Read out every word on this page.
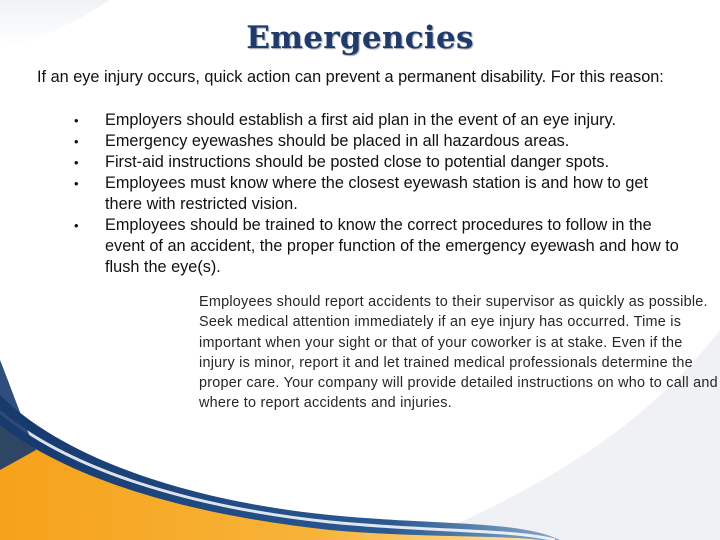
Emergencies

If an eye injury occurs, quick action can prevent a permanent disability. For this reason:

• Employers should establish a first aid plan in the event of an eye injury.
• Emergency eyewashes should be placed in all hazardous areas.
• First-aid instructions should be posted close to potential danger spots.
• Employees must know where the closest eyewash station is and how to get there with restricted vision.
• Employees should be trained to know the correct procedures to follow in the event of an accident, the proper function of the emergency eyewash and how to flush the eye(s).

Employees should report accidents to their supervisor as quickly as possible. Seek medical attention immediately if an eye injury has occurred. Time is important when your sight or that of your coworker is at stake. Even if the injury is minor, report it and let trained medical professionals determine the proper care. Your company will provide detailed instructions on who to call and where to report accidents and injuries.
